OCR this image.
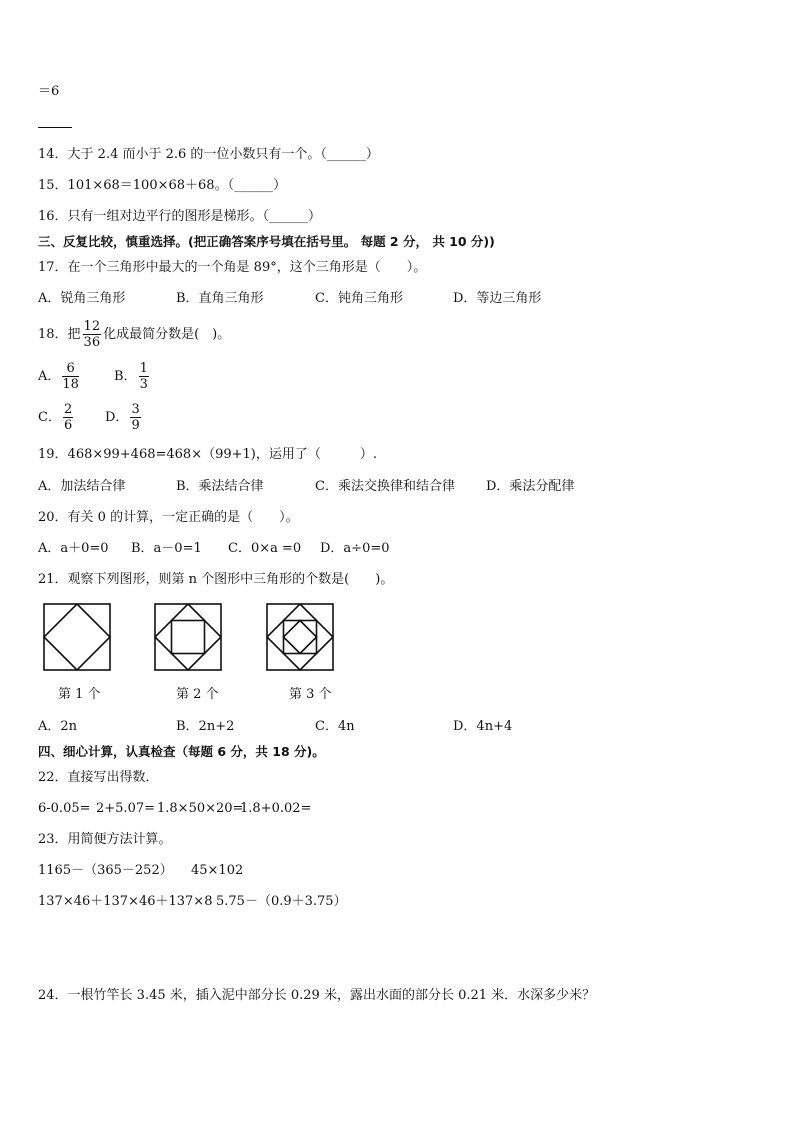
＝6
14．大于 2.4 而小于 2.6 的一位小数只有一个。（______）
15．101×68＝100×68＋68。（______）
16．只有一组对边平行的图形是梯形。（______）
三、反复比较，慎重选择。(把正确答案序号填在括号里。 每题 2 分， 共 10 分))
17．在一个三角形中最大的一个角是 89°，这个三角形是（　　）。
A．锐角三角形	B．直角三角形	C．钝角三角形	D．等边三角形
18．把 $\frac{12}{36}$ 化成最简分数是(　)。
A． $\frac{6}{18}$	B． $\frac{1}{3}$
C． $\frac{2}{6}$ D． $\frac{3}{9}$
19．468×99+468=468×（99+1)，运用了（　　　）.
A．加法结合律	B．乘法结合律	C．乘法交换律和结合律 D．乘法分配律
20．有关 0 的计算，一定正确的是（　　）。
A．a＋0=0 B．a－0=1 C．0×a =0 D．a÷0=0
21．观察下列图形，则第 n 个图形中三角形的个数是(　　)。
第 1 个	第 2 个	第 3 个
A．2n	B．2n+2	C．4n	D．4n+4
四、细心计算，认真检查（每题 6 分，共 18 分)。
22．直接写出得数．
6-0.05= 2+5.07= 1.8×50×20=
1.8+0.02=
23．用简便方法计算。
1165－（365－252） 45×102
137×46＋137×46＋137×8 5.75－（0.9＋3.75）
24．一根竹竿长 3.45 米，插入泥中部分长 0.29 米，露出水面的部分长 0.21 米．水深多少米？
